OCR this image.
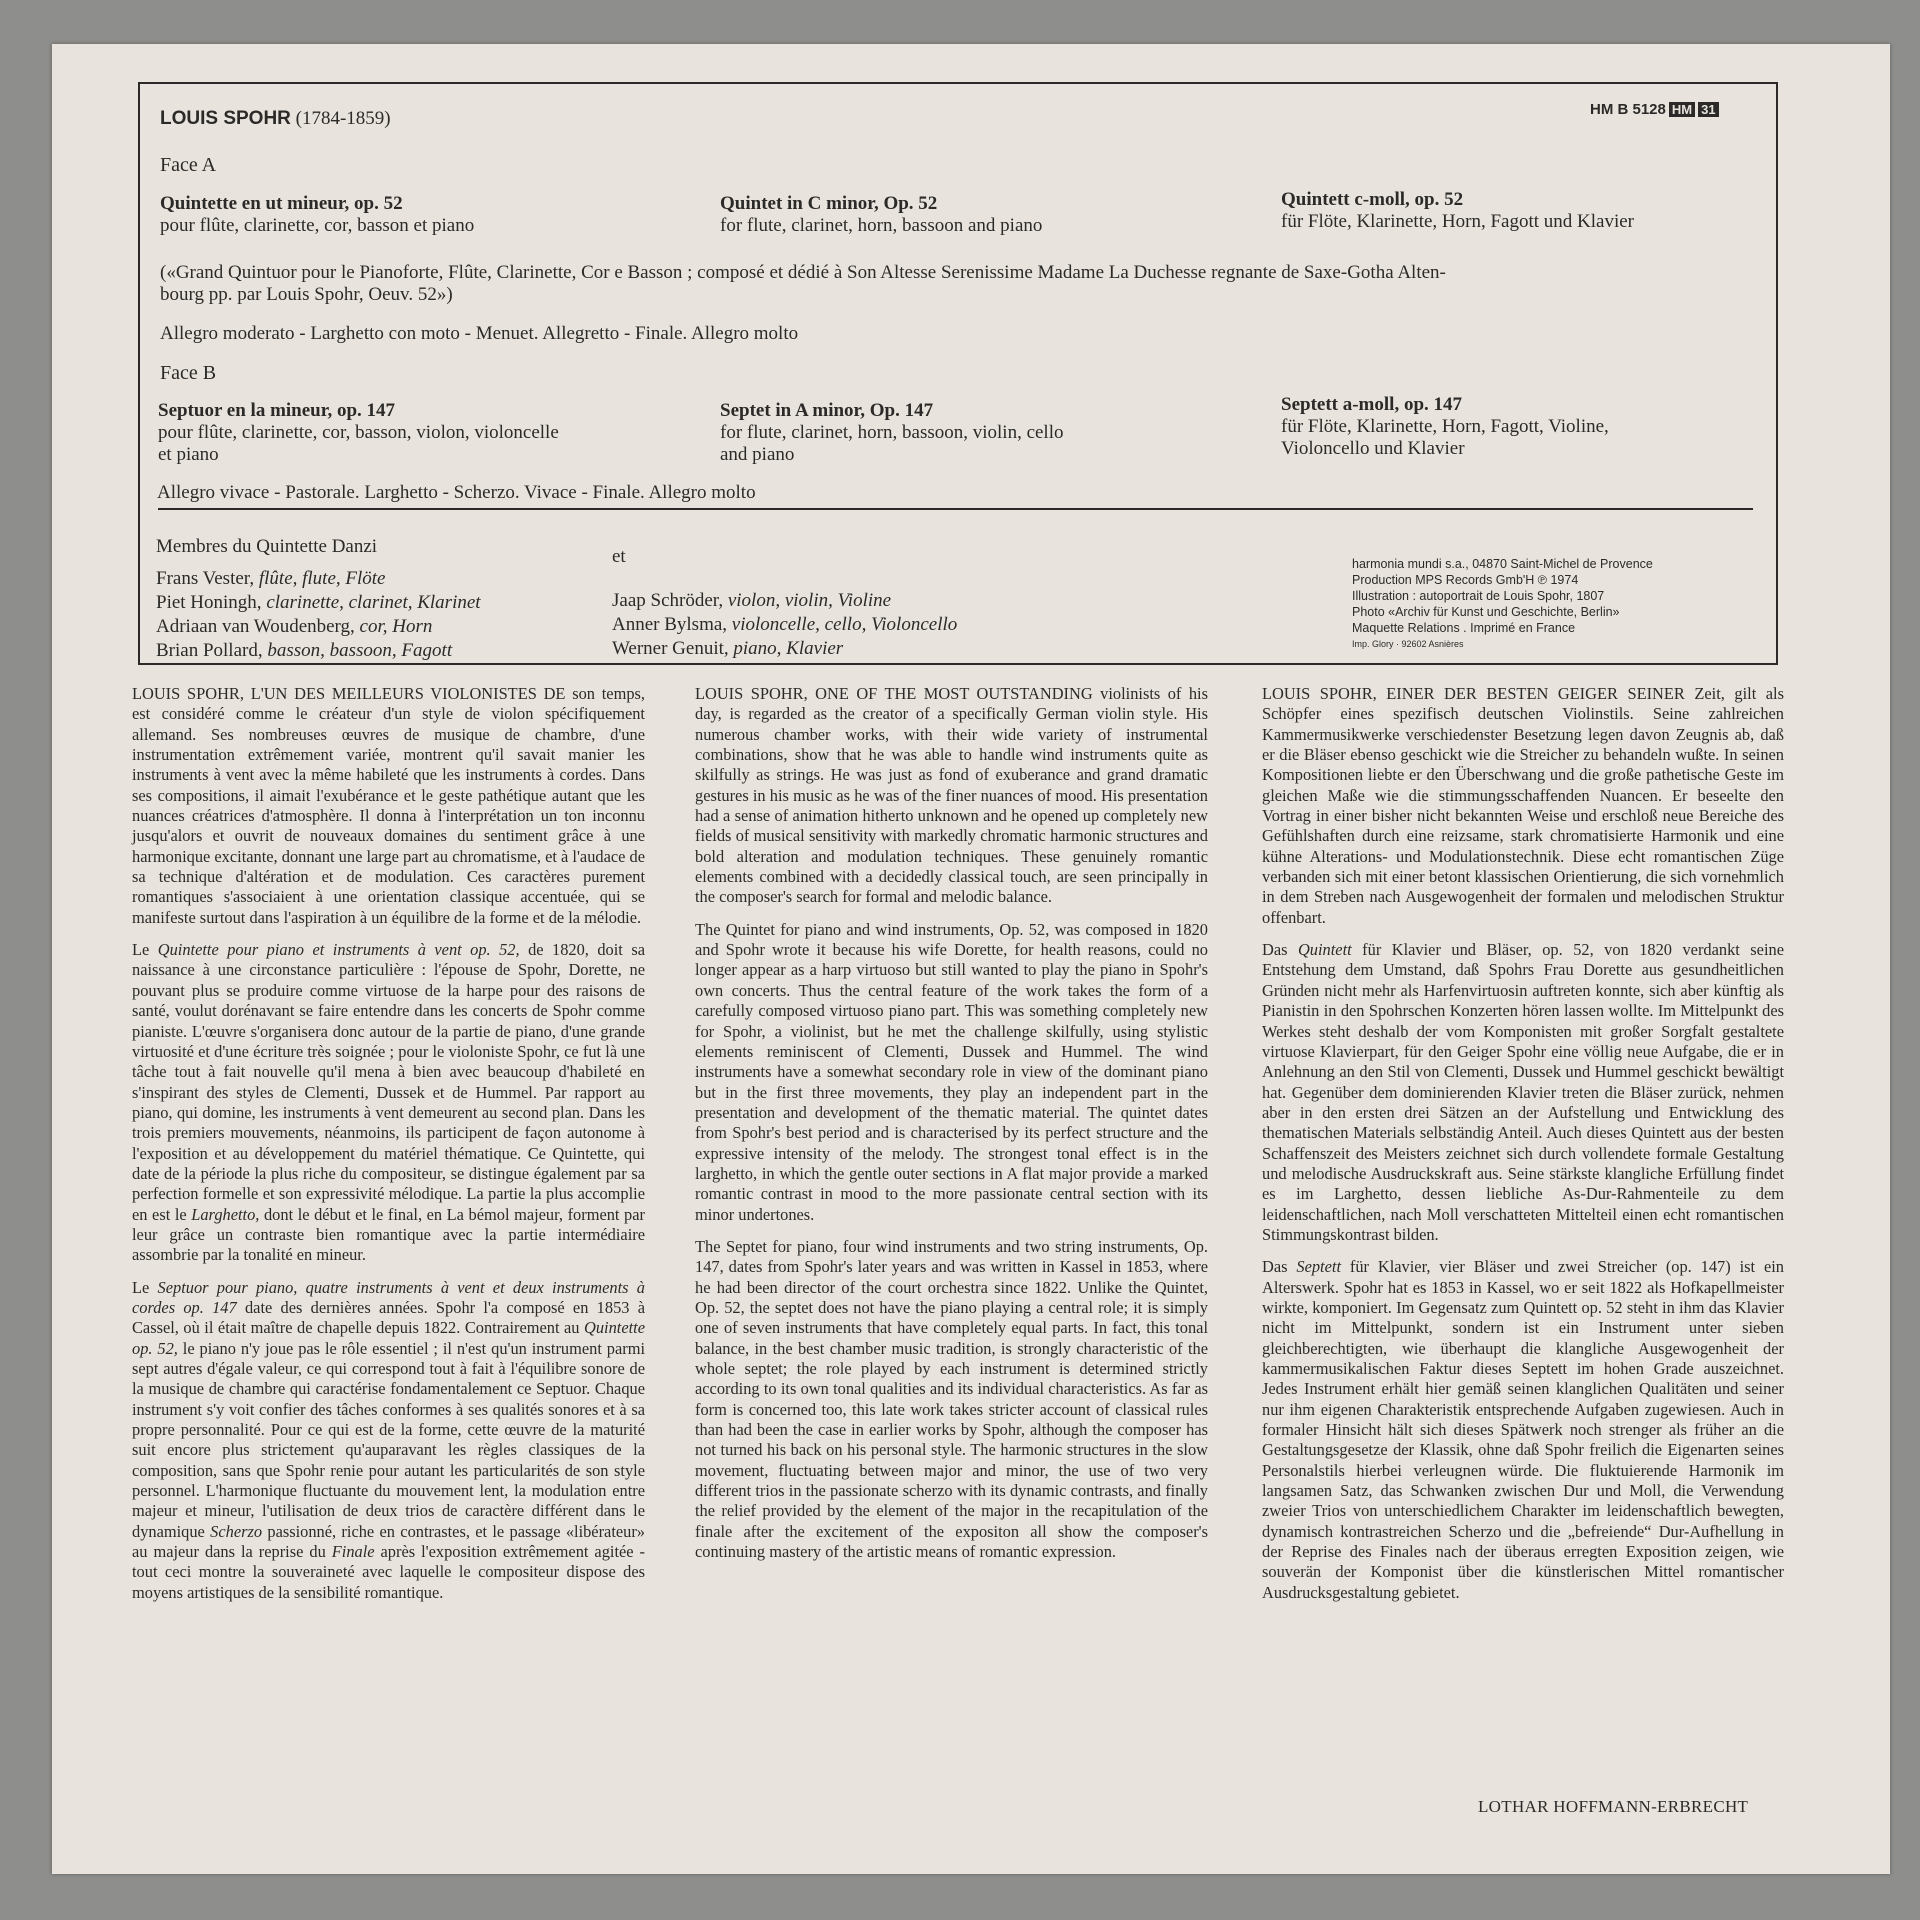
LOUIS SPOHR (1784-1859)	HM B 5128 HM 31
Face A
Quintette en ut mineur, op. 52
pour flûte, clarinette, cor, basson et piano
Quintet in C minor, Op. 52
for flute, clarinet, horn, bassoon and piano
Quintett c-moll, op. 52
für Flöte, Klarinette, Horn, Fagott und Klavier
(«Grand Quintuor pour le Pianoforte, Flûte, Clarinette, Cor e Basson ; composé et dédié à Son Altesse Serenissime Madame La Duchesse regnante de Saxe-Gotha Alten-
bourg pp. par Louis Spohr, Oeuv. 52»)
Allegro moderato - Larghetto con moto - Menuet. Allegretto - Finale. Allegro molto
Face B
Septuor en la mineur, op. 147
pour flûte, clarinette, cor, basson, violon, violoncelle
et piano
Septet in A minor, Op. 147
for flute, clarinet, horn, bassoon, violin, cello
and piano
Septett a-moll, op. 147
für Flöte, Klarinette, Horn, Fagott, Violine,
Violoncello und Klavier
Allegro vivace - Pastorale. Larghetto - Scherzo. Vivace - Finale. Allegro molto
Membres du Quintette Danzi	et
Frans Vester, flûte, flute, Flöte
Piet Honingh, clarinette, clarinet, Klarinet
Adriaan van Woudenberg, cor, Horn
Brian Pollard, basson, bassoon, Fagott
Jaap Schröder, violon, violin, Violine
Anner Bylsma, violoncelle, cello, Violoncello
Werner Genuit, piano, Klavier
harmonia mundi s.a., 04870 Saint-Michel de Provence
Production MPS Records Gmb'H ℗ 1974
Illustration : autoportrait de Louis Spohr, 1807
Photo «Archiv für Kunst und Geschichte, Berlin»
Maquette Relations . Imprimé en France
Imp. Glory · 92602 Asnières

LOUIS SPOHR, L'UN DES MEILLEURS VIOLONISTES DE son temps, est considéré comme le créateur d'un style de violon spécifiquement allemand. Ses nombreuses œuvres de musique de chambre, d'une instrumentation extrêmement variée, montrent qu'il savait manier les instruments à vent avec la même habileté que les instruments à cordes. Dans ses compositions, il aimait l'exubérance et le geste pathétique autant que les nuances créatrices d'atmosphère. Il donna à l'interprétation un ton inconnu jusqu'alors et ouvrit de nouveaux domaines du sentiment grâce à une harmonique excitante, donnant une large part au chromatisme, et à l'audace de sa technique d'altération et de modulation. Ces caractères purement romantiques s'associaient à une orientation classique accentuée, qui se manifeste surtout dans l'aspiration à un équilibre de la forme et de la mélodie.

Le Quintette pour piano et instruments à vent op. 52, de 1820, doit sa naissance à une circonstance particulière : l'épouse de Spohr, Dorette, ne pouvant plus se produire comme virtuose de la harpe pour des raisons de santé, voulut dorénavant se faire entendre dans les concerts de Spohr comme pianiste. L'œuvre s'organisera donc autour de la partie de piano, d'une grande virtuosité et d'une écriture très soignée ; pour le violoniste Spohr, ce fut là une tâche tout à fait nouvelle qu'il mena à bien avec beaucoup d'habileté en s'inspirant des styles de Clementi, Dussek et de Hummel. Par rapport au piano, qui domine, les instruments à vent demeurent au second plan. Dans les trois premiers mouvements, néanmoins, ils participent de façon autonome à l'exposition et au développement du matériel thématique. Ce Quintette, qui date de la période la plus riche du compositeur, se distingue également par sa perfection formelle et son expressivité mélodique. La partie la plus accomplie en est le Larghetto, dont le début et le final, en La bémol majeur, forment par leur grâce un contraste bien romantique avec la partie intermédiaire assombrie par la tonalité en mineur.

Le Septuor pour piano, quatre instruments à vent et deux instruments à cordes op. 147 date des dernières années. Spohr l'a composé en 1853 à Cassel, où il était maître de chapelle depuis 1822. Contrairement au Quintette op. 52, le piano n'y joue pas le rôle essentiel ; il n'est qu'un instrument parmi sept autres d'égale valeur, ce qui correspond tout à fait à l'équilibre sonore de la musique de chambre qui caractérise fondamentalement ce Septuor. Chaque instrument s'y voit confier des tâches conformes à ses qualités sonores et à sa propre personnalité. Pour ce qui est de la forme, cette œuvre de la maturité suit encore plus strictement qu'auparavant les règles classiques de la composition, sans que Spohr renie pour autant les particularités de son style personnel. L'harmonique fluctuante du mouvement lent, la modulation entre majeur et mineur, l'utilisation de deux trios de caractère différent dans le dynamique Scherzo passionné, riche en contrastes, et le passage «libérateur» au majeur dans la reprise du Finale après l'exposition extrêmement agitée - tout ceci montre la souveraineté avec laquelle le compositeur dispose des moyens artistiques de la sensibilité romantique.

LOUIS SPOHR, ONE OF THE MOST OUTSTANDING violinists of his day, is regarded as the creator of a specifically German violin style. His numerous chamber works, with their wide variety of instrumental combinations, show that he was able to handle wind instruments quite as skilfully as strings. He was just as fond of exuberance and grand dramatic gestures in his music as he was of the finer nuances of mood. His presentation had a sense of animation hitherto unknown and he opened up completely new fields of musical sensitivity with markedly chromatic harmonic structures and bold alteration and modulation techniques. These genuinely romantic elements combined with a decidedly classical touch, are seen principally in the composer's search for formal and melodic balance.

The Quintet for piano and wind instruments, Op. 52, was composed in 1820 and Spohr wrote it because his wife Dorette, for health reasons, could no longer appear as a harp virtuoso but still wanted to play the piano in Spohr's own concerts. Thus the central feature of the work takes the form of a carefully composed virtuoso piano part. This was something completely new for Spohr, a violinist, but he met the challenge skilfully, using stylistic elements reminiscent of Clementi, Dussek and Hummel. The wind instruments have a somewhat secondary role in view of the dominant piano but in the first three movements, they play an independent part in the presentation and development of the thematic material. The quintet dates from Spohr's best period and is characterised by its perfect structure and the expressive intensity of the melody. The strongest tonal effect is in the larghetto, in which the gentle outer sections in A flat major provide a marked romantic contrast in mood to the more passionate central section with its minor undertones.

The Septet for piano, four wind instruments and two string instruments, Op. 147, dates from Spohr's later years and was written in Kassel in 1853, where he had been director of the court orchestra since 1822. Unlike the Quintet, Op. 52, the septet does not have the piano playing a central role; it is simply one of seven instruments that have completely equal parts. In fact, this tonal balance, in the best chamber music tradition, is strongly characteristic of the whole septet; the role played by each instrument is determined strictly according to its own tonal qualities and its individual characteristics. As far as form is concerned too, this late work takes stricter account of classical rules than had been the case in earlier works by Spohr, although the composer has not turned his back on his personal style. The harmonic structures in the slow movement, fluctuating between major and minor, the use of two very different trios in the passionate scherzo with its dynamic contrasts, and finally the relief provided by the element of the major in the recapitulation of the finale after the excitement of the expositon all show the composer's continuing mastery of the artistic means of romantic expression.

LOUIS SPOHR, EINER DER BESTEN GEIGER SEINER Zeit, gilt als Schöpfer eines spezifisch deutschen Violinstils. Seine zahlreichen Kammermusikwerke verschiedenster Besetzung legen davon Zeugnis ab, daß er die Bläser ebenso geschickt wie die Streicher zu behandeln wußte. In seinen Kompositionen liebte er den Überschwang und die große pathetische Geste im gleichen Maße wie die stimmungsschaffenden Nuancen. Er beseelte den Vortrag in einer bisher nicht bekannten Weise und erschloß neue Bereiche des Gefühlshaften durch eine reizsame, stark chromatisierte Harmonik und eine kühne Alterations- und Modulationstechnik. Diese echt romantischen Züge verbanden sich mit einer betont klassischen Orientierung, die sich vornehmlich in dem Streben nach Ausgewogenheit der formalen und melodischen Struktur offenbart.

Das Quintett für Klavier und Bläser, op. 52, von 1820 verdankt seine Entstehung dem Umstand, daß Spohrs Frau Dorette aus gesundheitlichen Gründen nicht mehr als Harfenvirtuosin auftreten konnte, sich aber künftig als Pianistin in den Spohrschen Konzerten hören lassen wollte. Im Mittelpunkt des Werkes steht deshalb der vom Komponisten mit großer Sorgfalt gestaltete virtuose Klavierpart, für den Geiger Spohr eine völlig neue Aufgabe, die er in Anlehnung an den Stil von Clementi, Dussek und Hummel geschickt bewältigt hat. Gegenüber dem dominierenden Klavier treten die Bläser zurück, nehmen aber in den ersten drei Sätzen an der Aufstellung und Entwicklung des thematischen Materials selbständig Anteil. Auch dieses Quintett aus der besten Schaffenszeit des Meisters zeichnet sich durch vollendete formale Gestaltung und melodische Ausdruckskraft aus. Seine stärkste klangliche Erfüllung findet es im Larghetto, dessen liebliche As-Dur-Rahmenteile zu dem leidenschaftlichen, nach Moll verschatteten Mittelteil einen echt romantischen Stimmungskontrast bilden.

Das Septett für Klavier, vier Bläser und zwei Streicher (op. 147) ist ein Alterswerk. Spohr hat es 1853 in Kassel, wo er seit 1822 als Hofkapellmeister wirkte, komponiert. Im Gegensatz zum Quintett op. 52 steht in ihm das Klavier nicht im Mittelpunkt, sondern ist ein Instrument unter sieben gleichberechtigten, wie überhaupt die klangliche Ausgewogenheit der kammermusikalischen Faktur dieses Septett im hohen Grade auszeichnet. Jedes Instrument erhält hier gemäß seinen klanglichen Qualitäten und seiner nur ihm eigenen Charakteristik entsprechende Aufgaben zugewiesen. Auch in formaler Hinsicht hält sich dieses Spätwerk noch strenger als früher an die Gestaltungsgesetze der Klassik, ohne daß Spohr freilich die Eigenarten seines Personalstils hierbei verleugnen würde. Die fluktuierende Harmonik im langsamen Satz, das Schwanken zwischen Dur und Moll, die Verwendung zweier Trios von unterschiedlichem Charakter im leidenschaftlich bewegten, dynamisch kontrastreichen Scherzo und die „befreiende“ Dur-Aufhellung in der Reprise des Finales nach der überaus erregten Exposition zeigen, wie souverän der Komponist über die künstlerischen Mittel romantischer Ausdrucksgestaltung gebietet.

LOTHAR HOFFMANN-ERBRECHT
